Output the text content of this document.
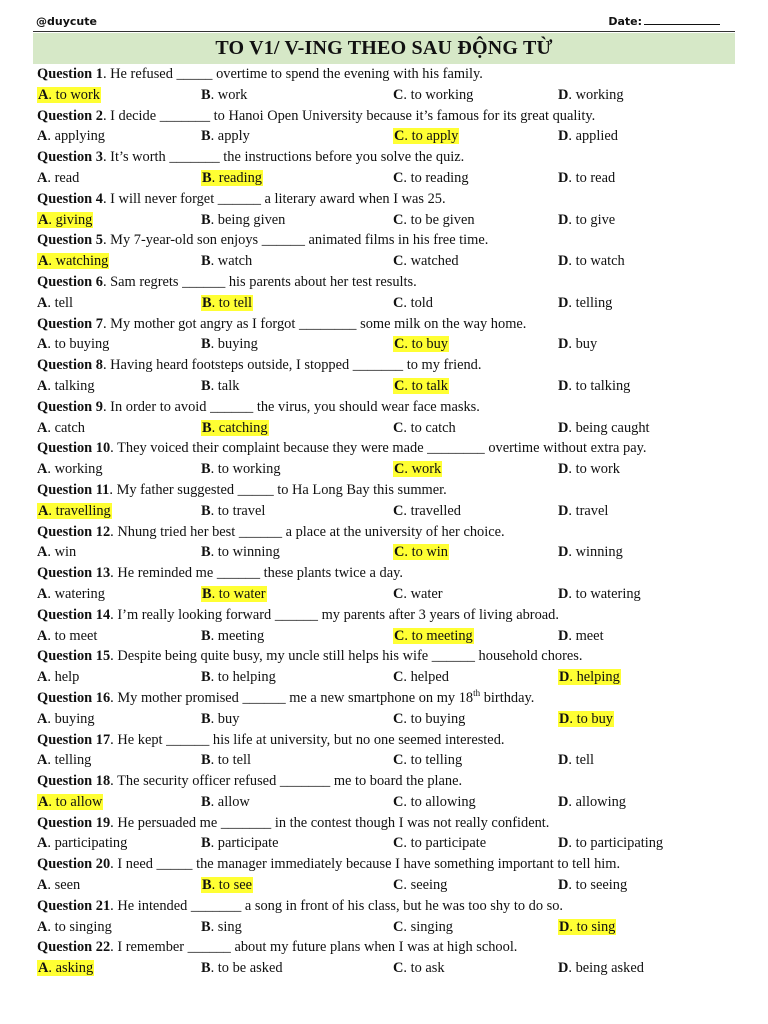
@duycute	Date:
TO V1/ V-ING THEO SAU ĐỘNG TỪ
Question 1. He refused _____ overtime to spend the evening with his family.
A. to work	B. work	C. to working	D. working
Question 2. I decide _______ to Hanoi Open University because it’s famous for its great quality.
A. applying	B. apply	C. to apply	D. applied
Question 3. It’s worth _______ the instructions before you solve the quiz.
A. read	B. reading	C. to reading	D. to read
Question 4. I will never forget ______ a literary award when I was 25.
A. giving	B. being given	C. to be given	D. to give
Question 5. My 7-year-old son enjoys ______ animated films in his free time.
A. watching	B. watch	C. watched	D. to watch
Question 6. Sam regrets ______ his parents about her test results.
A. tell	B. to tell	C. told	D. telling
Question 7. My mother got angry as I forgot ________ some milk on the way home.
A. to buying	B. buying	C. to buy	D. buy
Question 8. Having heard footsteps outside, I stopped _______ to my friend.
A. talking	B. talk	C. to talk	D. to talking
Question 9. In order to avoid ______ the virus, you should wear face masks.
A. catch	B. catching	C. to catch	D. being caught
Question 10. They voiced their complaint because they were made ________ overtime without extra pay.
A. working	B. to working	C. work	D. to work
Question 11. My father suggested _____ to Ha Long Bay this summer.
A. travelling	B. to travel	C. travelled	D. travel
Question 12. Nhung tried her best ______ a place at the university of her choice.
A. win	B. to winning	C. to win	D. winning
Question 13. He reminded me ______ these plants twice a day.
A. watering	B. to water	C. water	D. to watering
Question 14. I’m really looking forward ______ my parents after 3 years of living abroad.
A. to meet	B. meeting	C. to meeting	D. meet
Question 15. Despite being quite busy, my uncle still helps his wife ______ household chores.
A. help	B. to helping	C. helped	D. helping
Question 16. My mother promised ______ me a new smartphone on my 18th birthday.
A. buying	B. buy	C. to buying	D. to buy
Question 17. He kept ______ his life at university, but no one seemed interested.
A. telling	B. to tell	C. to telling	D. tell
Question 18. The security officer refused _______ me to board the plane.
A. to allow	B. allow	C. to allowing	D. allowing
Question 19. He persuaded me _______ in the contest though I was not really confident.
A. participating	B. participate	C. to participate	D. to participating
Question 20. I need _____ the manager immediately because I have something important to tell him.
A. seen	B. to see	C. seeing	D. to seeing
Question 21. He intended _______ a song in front of his class, but he was too shy to do so.
A. to singing	B. sing	C. singing	D. to sing
Question 22. I remember ______ about my future plans when I was at high school.
A. asking	B. to be asked	C. to ask	D. being asked
